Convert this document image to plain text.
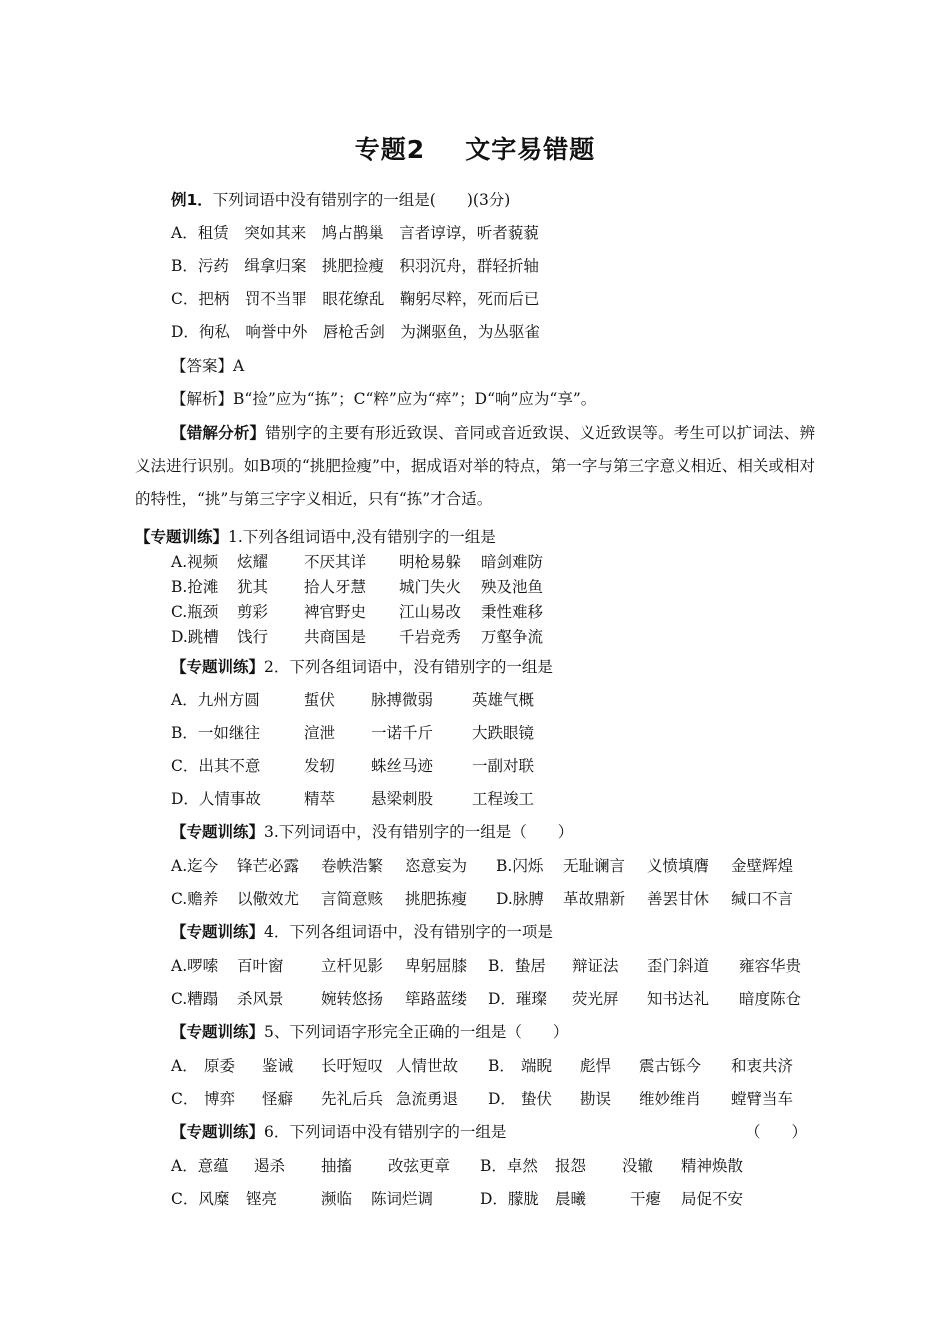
专题2 文字易错题
例1．下列词语中没有错别字的一组是(　　)(3分)
A．租赁　突如其来　鸠占鹊巢　言者谆谆，听者藐藐
B．污药　缉拿归案　挑肥捡瘦　积羽沉舟，群轻折轴
C．把柄　罚不当罪　眼花缭乱　鞠躬尽粹，死而后已
D．徇私　响誉中外　唇枪舌剑　为渊驱鱼，为丛驱雀
【答案】A
【解析】B“捡”应为“拣”；C“粹”应为“瘁”；D“响”应为“享”。
【错解分析】错别字的主要有形近致误、音同或音近致误、义近致误等。考生可以扩词法、辨义法进行识别。如B项的“挑肥捡瘦”中，据成语对举的特点，第一字与第三字意义相近、相关或相对的特性，“挑”与第三字字义相近，只有“拣”才合适。
【专题训练】1.下列各组词语中,没有错别字的一组是
A.视频 炫耀 不厌其详 明枪易躲 暗剑难防
B.抢滩 犹其 拾人牙慧 城门失火 殃及池鱼
C.瓶颈 剪彩 裨官野史 江山易改 秉性难移
D.跳槽 饯行 共商国是 千岩竞秀 万壑争流
【专题训练】2．下列各组词语中，没有错别字的一组是
A．九州方圆	蜇伏 脉搏微弱	英雄气概
B．一如继往	渲泄 一诺千斤	大跌眼镜
C．出其不意	发轫 蛛丝马迹	一副对联
D．人情事故	精萃 悬梁刺股	工程竣工
【专题训练】3.下列词语中，没有错别字的一组是（　　）
A.迄今 锋芒必露 卷帙浩繁 恣意妄为 B.闪烁 无耻谰言 义愤填膺 金壁辉煌
C.赡养 以儆效尤 言简意赅 挑肥拣瘦 D.脉膊 革故鼎新 善罢甘休 缄口不言
【专题训练】4．下列各组词语中，没有错别字的一项是
A.啰嗦 百叶窗 立杆见影 卑躬屈膝 B．蛰居 辩证法 歪门斜道 雍容华贵
C.糟蹋 杀风景 婉转悠扬 筚路蓝缕 D．璀璨 荧光屏 知书达礼 暗度陈仓
【专题训练】5、下列词语字形完全正确的一组是（　　）
A． 原委 鉴诫 长吁短叹 人情世故 B． 端睨 彪悍 震古铄今 和衷共济
C． 博弈 怪癖 先礼后兵 急流勇退 D． 蛰伏 勘误 维妙维肖 螳臂当车
【专题训练】6．下列词语中没有错别字的一组是	（　　）
A．意蕴 遏杀 抽搐 改弦更章 B．卓然 报怨 没辙 精神焕散
C．风糜 铿亮	濒临 陈词烂调	D．朦胧 晨曦	干瘪 局促不安
